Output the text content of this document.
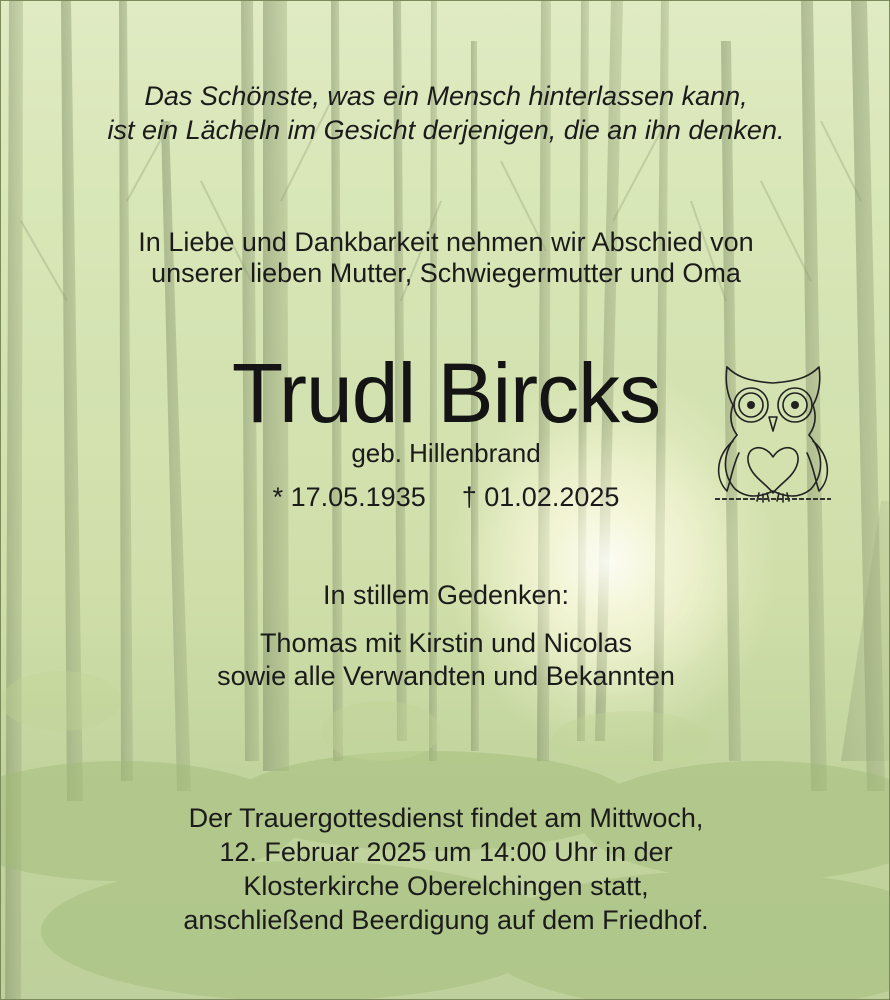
Das Schönste, was ein Mensch hinterlassen kann,
ist ein Lächeln im Gesicht derjenigen, die an ihn denken.
In Liebe und Dankbarkeit nehmen wir Abschied von
unserer lieben Mutter, Schwiegermutter und Oma
Trudl Bircks
geb. Hillenbrand
* 17.05.1935 † 01.02.2025
In stillem Gedenken:
Thomas mit Kirstin und Nicolas
sowie alle Verwandten und Bekannten
Der Trauergottesdienst findet am Mittwoch,
12. Februar 2025 um 14:00 Uhr in der
Klosterkirche Oberelchingen statt,
anschließend Beerdigung auf dem Friedhof.
